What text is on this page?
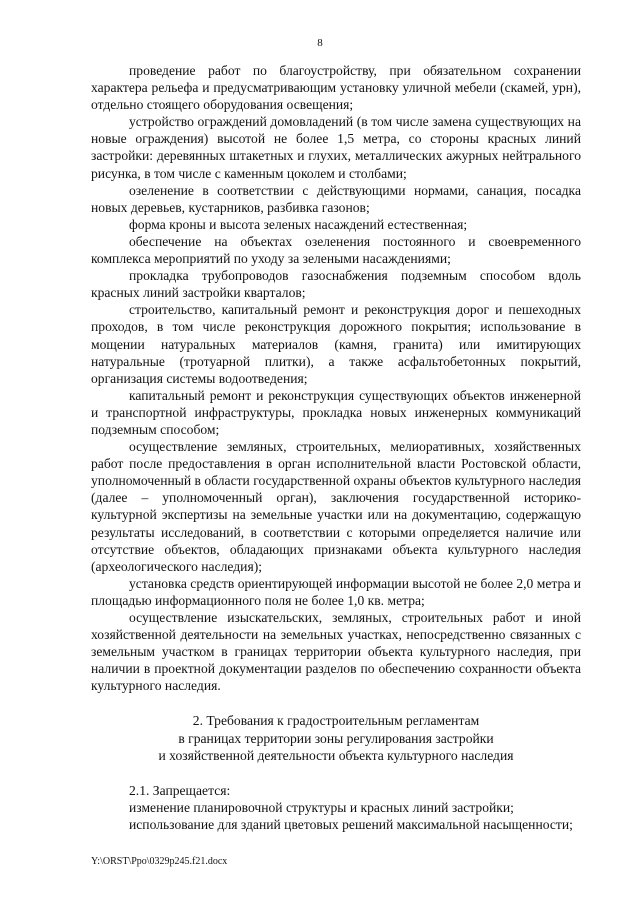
8

проведение работ по благоустройству, при обязательном сохранении характера рельефа и предусматривающим установку уличной мебели (скамей, урн), отдельно стоящего оборудования освещения;

устройство ограждений домовладений (в том числе замена существующих на новые ограждения) высотой не более 1,5 метра, со стороны красных линий застройки: деревянных штакетных и глухих, металлических ажурных нейтрального рисунка, в том числе с каменным цоколем и столбами;

озеленение в соответствии с действующими нормами, санация, посадка новых деревьев, кустарников, разбивка газонов;

форма кроны и высота зеленых насаждений естественная;

обеспечение на объектах озеленения постоянного и своевременного комплекса мероприятий по уходу за зелеными насаждениями;

прокладка трубопроводов газоснабжения подземным способом вдоль красных линий застройки кварталов;

строительство, капитальный ремонт и реконструкция дорог и пешеходных проходов, в том числе реконструкция дорожного покрытия; использование в мощении натуральных материалов (камня, гранита) или имитирующих натуральные (тротуарной плитки), а также асфальтобетонных покрытий, организация системы водоотведения;

капитальный ремонт и реконструкция существующих объектов инженерной и транспортной инфраструктуры, прокладка новых инженерных коммуникаций подземным способом;

осуществление земляных, строительных, мелиоративных, хозяйственных работ после предоставления в орган исполнительной власти Ростовской области, уполномоченный в области государственной охраны объектов культурного наследия (далее – уполномоченный орган), заключения государственной историко-культурной экспертизы на земельные участки или на документацию, содержащую результаты исследований, в соответствии с которыми определяется наличие или отсутствие объектов, обладающих признаками объекта культурного наследия (археологического наследия);

установка средств ориентирующей информации высотой не более 2,0 метра и площадью информационного поля не более 1,0 кв. метра;

осуществление изыскательских, земляных, строительных работ и иной хозяйственной деятельности на земельных участках, непосредственно связанных с земельным участком в границах территории объекта культурного наследия, при наличии в проектной документации разделов по обеспечению сохранности объекта культурного наследия.

2. Требования к градостроительным регламентам
в границах территории зоны регулирования застройки
и хозяйственной деятельности объекта культурного наследия

2.1. Запрещается:

изменение планировочной структуры и красных линий застройки;

использование для зданий цветовых решений максимальной насыщенности;

Y:\ORST\Ppo\0329p245.f21.docx
